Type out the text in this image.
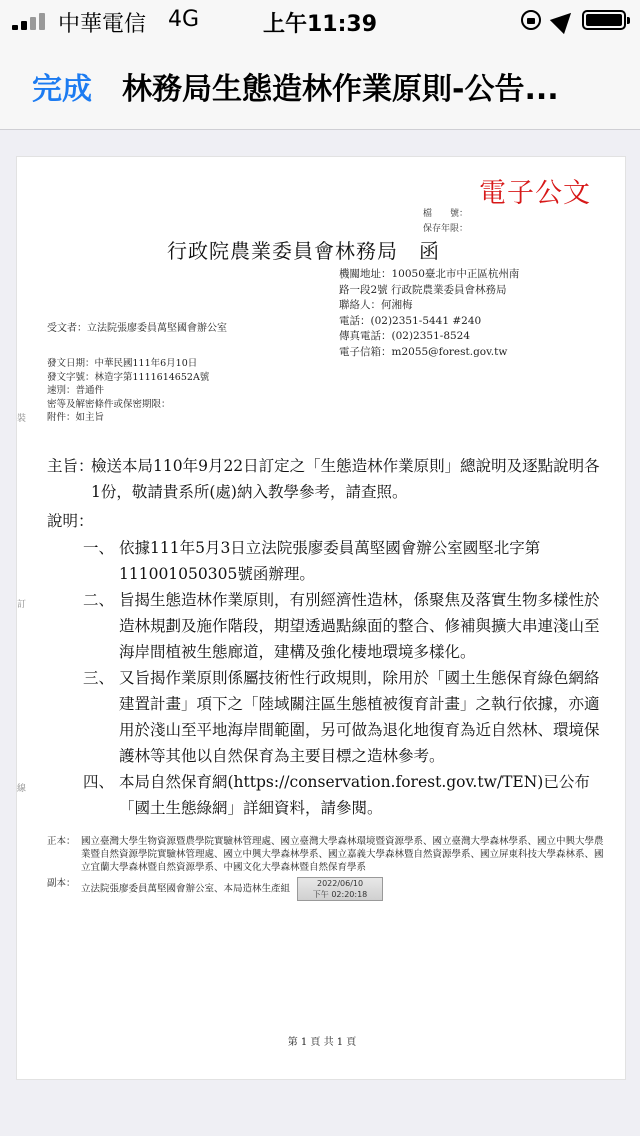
中華電信 4G	上午11:39
完成 林務局生態造林作業原則-公告...
電子公文
檔　　號：
保存年限：
行政院農業委員會林務局　函
機關地址：10050臺北市中正區杭州南
路一段2號 行政院農業委員會林務局
聯絡人：何湘梅
電話：(02)2351-5441 #240
傳真電話：(02)2351-8524
電子信箱：m2055@forest.gov.tw
受文者：立法院張廖委員萬堅國會辦公室
發文日期：中華民國111年6月10日
發文字號：林造字第1111614652A號
速別：普通件
密等及解密條件或保密期限：
附件：如主旨
裝
訂
線
主旨：
檢送本局110年9月22日訂定之「生態造林作業原則」總說明及逐點說明各1份，敬請貴系所(處)納入教學參考，請查照。
說明：
一、 依據111年5月3日立法院張廖委員萬堅國會辦公室國堅北字第111001050305號函辦理。
二、 旨揭生態造林作業原則，有別經濟性造林，係聚焦及落實生物多樣性於造林規劃及施作階段，期望透過點線面的整合、修補與擴大串連淺山至海岸間植被生態廊道，建構及強化棲地環境多樣化。
三、 又旨揭作業原則係屬技術性行政規則，除用於「國土生態保育綠色網絡建置計畫」項下之「陸域關注區生態植被復育計畫」之執行依據，亦適用於淺山至平地海岸間範圍，另可做為退化地復育為近自然林、環境保護林等其他以自然保育為主要目標之造林參考。
四、 本局自然保育網(https://conservation.forest.gov.tw/TEN)已公布「國土生態綠網」詳細資料，請參閱。
正本： 國立臺灣大學生物資源暨農學院實驗林管理處、國立臺灣大學森林環境暨資源學系、國立臺灣大學森林學系、國立中興大學農業暨自然資源學院實驗林管理處、國立中興大學森林學系、國立嘉義大學森林暨自然資源學系、國立屏東科技大學森林系、國立宜蘭大學森林暨自然資源學系、中國文化大學森林暨自然保育學系
副本： 立法院張廖委員萬堅國會辦公室、本局造林生產組	2022/06/10
下午 02:20:18
第 1 頁 共 1 頁
